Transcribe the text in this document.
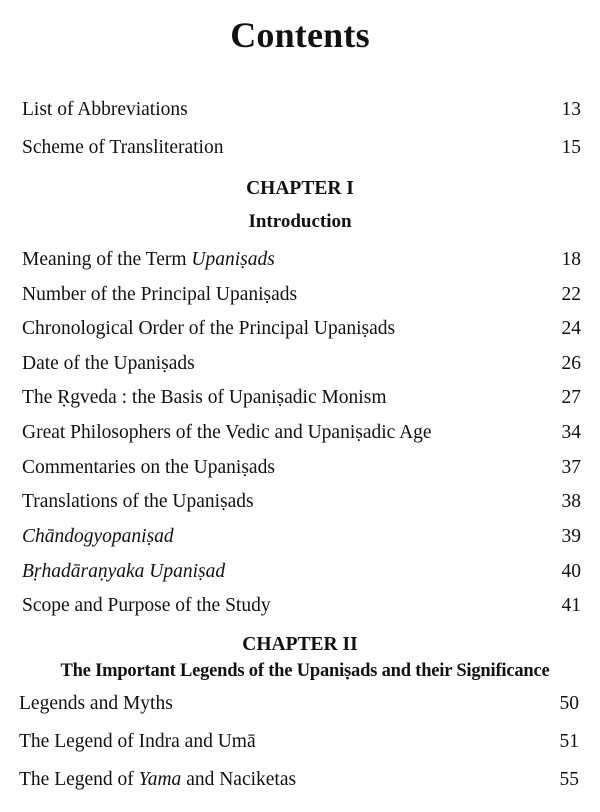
Contents
List of Abbreviations	13
Scheme of Transliteration	15
CHAPTER I
Introduction
Meaning of the Term Upaniṣads	18
Number of the Principal Upaniṣads	22
Chronological Order of the Principal Upaniṣads	24
Date of the Upaniṣads	26
The Ṛgveda : the Basis of Upaniṣadic Monism	27
Great Philosophers of the Vedic and Upaniṣadic Age	34
Commentaries on the Upaniṣads	37
Translations of the Upaniṣads	38
Chāndogyopaniṣad	39
Bṛhadāraṇyaka Upaniṣad	40
Scope and Purpose of the Study	41
CHAPTER II
The Important Legends of the Upaniṣads and their Significance
Legends and Myths	50
The Legend of Indra and Umā	51
The Legend of Yama and Naciketas	55
